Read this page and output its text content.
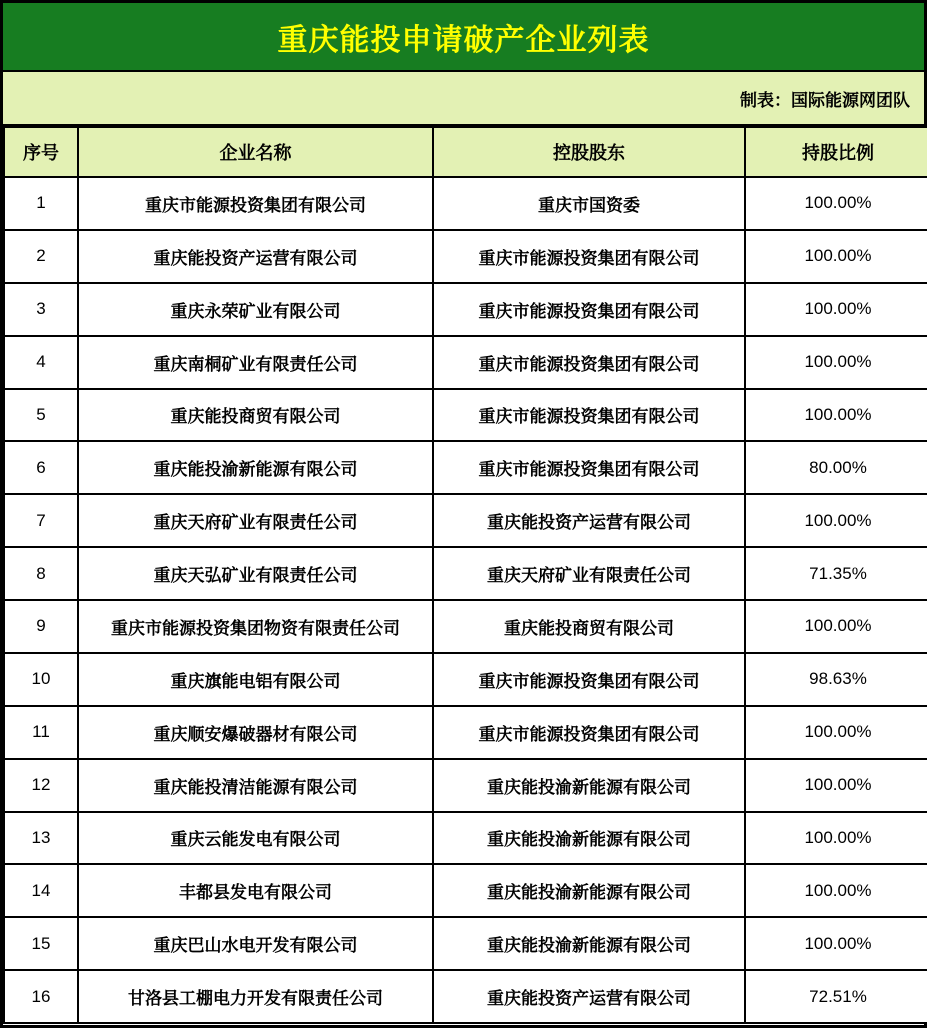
重庆能投申请破产企业列表
制表：国际能源网团队
序号	企业名称	控股股东	持股比例
1	重庆市能源投资集团有限公司	重庆市国资委	100.00%
2	重庆能投资产运营有限公司	重庆市能源投资集团有限公司	100.00%
3	重庆永荣矿业有限公司	重庆市能源投资集团有限公司	100.00%
4	重庆南桐矿业有限责任公司	重庆市能源投资集团有限公司	100.00%
5	重庆能投商贸有限公司	重庆市能源投资集团有限公司	100.00%
6	重庆能投渝新能源有限公司	重庆市能源投资集团有限公司	80.00%
7	重庆天府矿业有限责任公司	重庆能投资产运营有限公司	100.00%
8	重庆天弘矿业有限责任公司	重庆天府矿业有限责任公司	71.35%
9	重庆市能源投资集团物资有限责任公司	重庆能投商贸有限公司	100.00%
10	重庆旗能电铝有限公司	重庆市能源投资集团有限公司	98.63%
11	重庆顺安爆破器材有限公司	重庆市能源投资集团有限公司	100.00%
12	重庆能投清洁能源有限公司	重庆能投渝新能源有限公司	100.00%
13	重庆云能发电有限公司	重庆能投渝新能源有限公司	100.00%
14	丰都县发电有限公司	重庆能投渝新能源有限公司	100.00%
15	重庆巴山水电开发有限公司	重庆能投渝新能源有限公司	100.00%
16	甘洛县工棚电力开发有限责任公司	重庆能投资产运营有限公司	72.51%
